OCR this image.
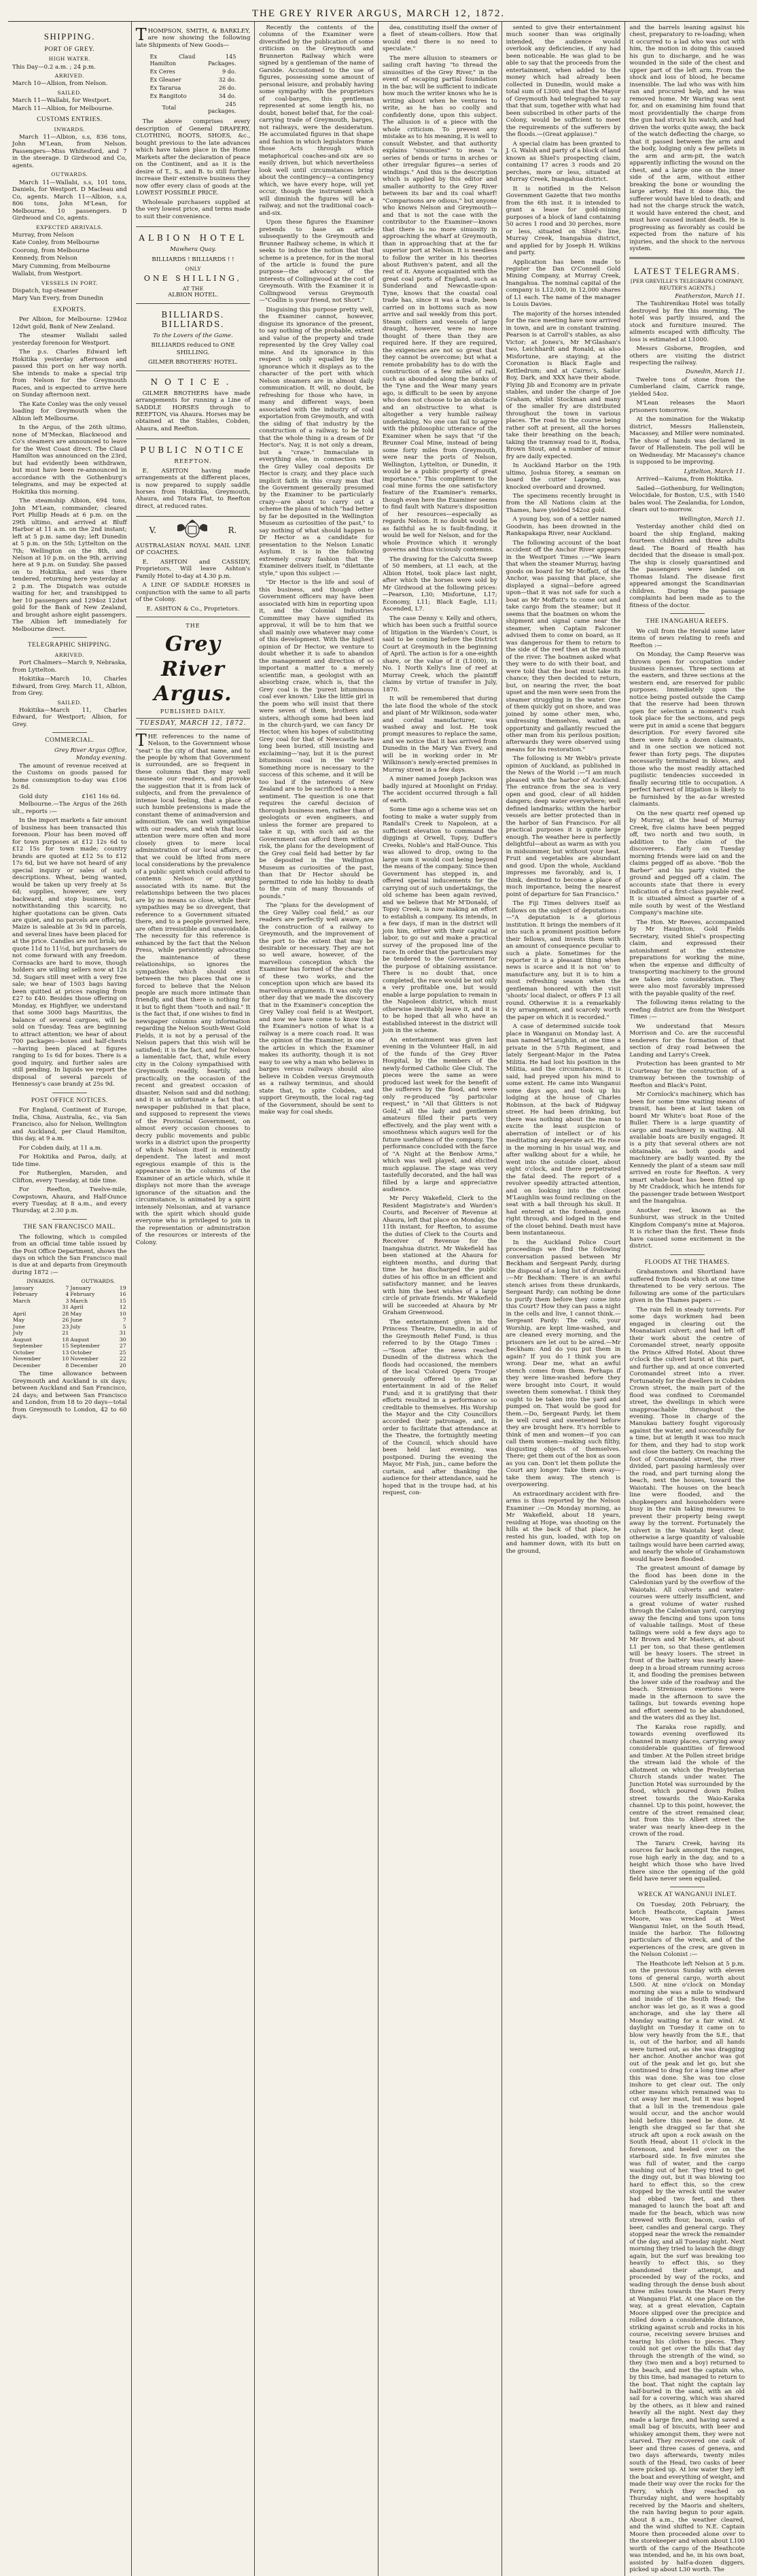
THE GREY RIVER ARGUS, MARCH 12, 1872.
SHIPPING.
PORT OF GREY.
HIGH WATER.
This Day—0.2 a.m. ; 24 p.m.
ARRIVED.
March 10—Albion, from Nelson.
SAILED.
March 11—Wallabi, for Westport.
March 11—Albion, for Melbourne.
CUSTOMS ENTRIES.
INWARDS.
March 11—Albion, s.s, 836 tons, John M'Lean, from Nelson. Passengers—Miss Whitesford, and 7 in the steerage. D Girdwood and Co, agents.
OUTWARDS.
March 11—Wallabi, s.s, 101 tons, Daniels, for Westport. D Macleau and Co, agents. March 11—Albion, s.s, 806 tons, John M'Lean, for Melbourne. 10 passengers. D Girdwood and Co, agents.
EXPECTED ARRIVALS.
Murray, from Nelson
Kate Conley, from Melbourne
Coorong, from Melbourne
Kennedy, from Nelson
Mary Cumming, from Melbourne
Wallabi, from Westport.
VESSELS IN PORT.
Dispatch, tug-steamer
Mary Van Every, from Dunedin
EXPORTS.
Per Albion, for Melbourne: 1294oz 12dwt gold, Bank of New Zealand.
The steamer Wallabi sailed yesterday forenoon for Westport.
The p.s. Charles Edward left Hokitika yesterday afternoon and passed this port on her way north. She intends to make a special trip from Nelson for the Greymouth Races, and is expected to arrive here on Sunday afternoon next.
The Kate Conley was the only vessel loading for Greymouth when the Albion left Melbourne.
In the Argus, of the 26th ultimo, none of M'Meckan, Blackwood and Co's steamers are announced to leave for the West Coast direct. The Claud Hamilton was announced on the 23rd, but had evidently been withdrawn, but must have been re-announced in accordance with the Gothenburg's telegrams, and may be expected at Hokitika this morning.
The steamship Albion, 694 tons, John M'Lean, commander, cleared Port Phillip Heads at 6 p.m. on the 29th ultimo, and arrived at Bluff Harbor at 11 a.m. on the 2nd instant; left at 5 p.m. same day; left Dunedin at 5 p.m. on the 5th; Lyttelton on the 7th; Wellington on the 8th, and Nelson at 10 p.m. on the 9th, arriving here at 9 p.m. on Sunday. She passed on to Hokitika, and was there tendered, returning here yesterday at 2 p.m. The Dispatch was outside waiting for her, and transhipped to her 10 passengers and 1294oz 12dwt gold for the Bank of New Zealand, and brought ashore eight passengers. The Albion left immediately for Melbourne direct.
TELEGRAPHIC SHIPPING.
ARRIVED.
Port Chalmers—March 9, Nebraska, from Lyttelton.
Hokitika—March 10, Charles Edward, from Grey. March 11, Albion, from Grey.
SAILED.
Hokitika—March 11, Charles Edward, for Westport; Albion, for Grey.
COMMERCIAL.
Grey River Argus Office,
Monday evening.
The amount of revenue received at the Customs on goods passed for home consumption to-day was £106 2s 8d.
Gold duty	£161 16s 6d.
Melbourne.—The Argus of the 26th ult., reports :—
In the import markets a fair amount of business has been transacted this forenoon. Flour has been moved off for town purposes at £12 12s 6d to £12 15s for town made; country brands are quoted at £12 5s to £12 17s 6d, but we have not heard of any special inquiry or sales of such descriptions. Wheat, being wanted, would be taken up very freely at 5s 6d; supplies, however, are very backward, and stop business, but, notwithstanding this scarcity, no higher quotations can be given. Oats are quiet, and no parcels are offering. Maize is saleable at 3s 9d in parcels, and several lines have been placed for at the price. Candles are not brisk; we quote 11d to 11½d, but purchasers do not come forward with any freedom. Cornsacks are hard to move, though holders are willing sellers now at 12s 3d. Sugars still meet with a very free sale; we hear of 1503 bags having been quitted at prices ranging from £27 to £40. Besides those offering on Monday, ex Highflyer, we understand that some 3000 bags Mauritius, the balance of several cargoes, will be sold on Tuesday. Teas are beginning to attract attention; we hear of about 700 packages—boxes and half-chests—having been placed at figures ranging to 1s 6d for boxes. There is a good inquiry, and further sales are still pending. In liquids we report the disposal of several parcels of Hennessy's case brandy at 25s 9d.
POST OFFICE NOTICES.
For England, Continent of Europe, India, China, Australia, &c., via San Francisco, also for Nelson, Wellington and Auckland, per Claud Hamilton, this day, at 9 a.m.
For Cobden daily, at 11 a.m.
For Hokitika and Paroa, daily, at tide time.
For Rutherglen, Marsden, and Clifton, every Tuesday, at tide time.
For Reefton, Twelve-mile, Cowpstown, Ahaura, and Half-Ounce every Tuesday, at 8 a.m., and every Thursday, at 2.30 p.m.
THE SAN FRANCISCO MAIL.
The following, which is compiled from an official time table issued by the Post Office Department, shows the days on which the San Francisco mail is due at and departs from Greymouth during 1872 :—
INWARDS.		OUTWARDS.	
January	7	January	19
February	4	February	16
March	3	March	15
	31	April	12
April	28	May	10
May	26	June	7
June	23	July	5
July	21		31
August	18	August	30
September	15	September	27
October	13	October	25
November	10	November	22
December	8	December	20
The time allowance between Greymouth and Auckland is six days; between Auckland and San Francisco, 24 days; and between San Francisco and London, from 18 to 20 days—total from Greymouth to London, 42 to 60 days.
THOMPSON, SMITH, & BARKLEY, are now showing the following late Shipments of New Goods—
Ex Claud Hamilton	145 Packages.
Ex Ceres	9 do.
Ex Gleaner	32 do.
Ex Tararua	26 do.
Ex Rangitoto	34 do.
Total	245 packages.
The above comprises every description of General DRAPERY, CLOTHING, BOOTS, SHOES, &c., bought previous to the late advances which have taken place in the Home Markets after the declaration of peace on the Continent, and as it is the desire of T., S., and B. to still further increase their extensive business they now offer every class of goods at the LOWEST POSSIBLE PRICE.
Wholesale purchasers supplied at the very lowest price, and terms made to suit their convenience.
ALBION HOTEL
Mawhera Quay.
BILLIARDS ! BILLIARDS ! !
ONLY
ONE SHILLING,
AT THE
ALBION HOTEL.
BILLIARDS. BILLIARDS.
To the Lovers of the Game.
BILLIARDS reduced to ONE SHILLING.
GILMER BROTHERS' HOTEL.
NOTICE.
GILMER BROTHERS have made arrangements for running a Line of SADDLE HORSES through to REEFTON, via Ahaura. Horses may be obtained at the Stables, Cobden, Ahaura, and Reefton.
PUBLIC NOTICE
REEFTON.
E. ASHTON having made arrangements at the different places, is now prepared to supply saddle horses from Hokitika, Greymouth, Ahaura, and Totara Flat, to Reefton direct, at reduced rates.
V.	R.
AUSTRALASIAN ROYAL MAIL LINE OF COACHES.
E. ASHTON and CASSIDY, Proprietors, Will leave Ashton's Family Hotel to-day at 4.30 p.m.
A LINE OF SADDLE HORSES in conjunction with the same to all parts of the Colony.
E. ASHTON & Co., Proprietors.
THE
Grey River Argus.
PUBLISHED DAILY.
TUESDAY, MARCH 12, 1872.
THE references to the name of Nelson, to the Government whose "seat" is the city of that name, and to the people by whom that Government is surrounded, are so frequent in these columns that they may well nauseate our readers, and provoke the suggestion that it is from lack of subjects, and from the prevalence of intense local feeling, that a place of such humble pretensions is made the constant theme of animadversion and admonition. We can well sympathise with our readers, and wish that local attention were more often and more closely given to mere local administration of our local affairs, or that we could be lifted from mere local considerations by the prevalence of a public spirit which could afford to contemn Nelson or anything associated with its name. But the relationships between the two places are by no means so close, while their sympathies may be so divergent, that reference to a Government situated there, and to a people governed here, are often irresistible and unavoidable. The necessity for this reference is enhanced by the fact that the Nelson Press, while persistently advocating the maintenance of these relationships, so ignores the sympathies which should exist between the two places that one is forced to believe that the Nelson people are much more intimate than friendly, and that there is nothing for it but to fight them "tooth and nail." It is the fact that, if one wishes to find in newspaper columns any information regarding the Nelson South-West Gold Fields, it is not by a perusal of the Nelson papers that this wish will be satisfied; it is the fact, and for Nelson a lamentable fact, that, while every city in the Colony sympathised with Greymouth readily, heartily, and practically, on the occasion of the recent and greatest occasion of disaster, Nelson said and did nothing; and it is as unfortunate a fact that a newspaper published in that place, and supposed to represent the views of the Provincial Government, on almost every occasion chooses to decry public movements and public works in a district upon the prosperity of which Nelson itself is eminently dependent. The latest and most egregious example of this is the appearance in the columns of the Examiner of an article which, while it displays not more than the average ignorance of the situation and the circumstance, is animated by a spirit intensely Nelsonian, and at variance with the spirit which should guide everyone who is privileged to join in the representation or administration of the resources or interests of the Colony.
Recently the contents of the columns of the Examiner were diversified by the publication of some criticism on the Greymouth and Brunnerton Railway which were signed by a gentleman of the name of Garside. Accustomed to the use of figures, possessing some amount of personal leisure, and probably having some sympathy with the proprietors of coal-barges, this gentleman represented at some length his, no doubt, honest belief that, for the coal-carrying trade of Greymouth, barges, not railways, were the desideratum. He accumulated figures in that shape and fashion in which legislators frame those Acts through which metaphorical coaches-and-six are so easily driven, but which nevertheless look well until circumstances bring about the contingency—a contingency which, we have every hope, will yet occur, though the instrument which will diminish the figures will be a railway, and not the traditional coach-and-six.
Upon these figures the Examiner pretends to base an article subsequently to the Greymouth and Brunner Railway scheme, in which it seeks to induce the notion that that scheme is a pretence, for in the moral of the article is found the pure purpose—the advocacy of the interests of Collingwood at the cost of Greymouth. With the Examiner it is Collingwood versus Greymouth—"Codlin is your friend, not Short."
Disguising this purpose pretty well, the Examiner cannot, however, disguise its ignorance of the present, to say nothing of the probable, extent and value of the property and trade represented by the Grey Valley coal mine. And its ignorance in this respect is only equalled by the ignorance which it displays as to the character of the port with which Nelson steamers are in almost daily communication. It will, no doubt, be refreshing for those who have, in many and different ways, been associated with the industry of coal exportation from Greymouth, and with the siding of that industry by the construction of a railway, to be told that the whole thing is a dream of Dr Hector's. Nay, it is not only a dream, but a "craze." Immaculate in everything else, in connection with the Grey Valley coal deposits Dr Hector is crazy, and they place such implicit faith in this crazy man that the Government generally presumed by the Examiner to be particularly crazy—are about to carry out a scheme the plans of which "had better by far be deposited in the Wellington Museum as curiosities of the past," to say nothing of what should happen to Dr Hector as a candidate for presentation to the Nelson Lunatic Asylum. It is in the following extremely crazy fashion that the Examiner delivers itself, in "dilettante style," upon this subject :—
"Dr Hector is the life and soul of this business, and though other Government officers may have been associated with him in reporting upon it, and the Colonial Industries Committee may have signified its approval, it will be to him that we shall mainly owe whatever may come of this development. With the highest opinion of Dr Hector, we venture to doubt whether it is safe to abandon the management and direction of so important a matter to a merely scientific man, a geologist with an absorbing craze, which is, that the Grey coal is the 'purest bituminous coal ever known.' Like the little girl in the poem who will insist that there were seven of them, brothers and sisters, although some had been laid in the church-yard, we can fancy Dr Hector, when his hopes of substituting Grey coal for that of Newcastle have long been buried, still insisting and exclaiming—'nay, but it is the purest bituminous coal in the world'? Something more is necessary to the success of this scheme, and it will be too bad if the interests of New Zealand are to be sacrificed to a mere sentiment. The question is one that requires the careful decision of thorough business men, rather than of geologists or even engineers, and unless the former are prepared to take it up, with such aid as the Government can afford them without risk, the plans for the development of the Grey coal field had better by far be deposited in the Wellington Museum as curiosities of the past, than that Dr Hector should be permitted to ride his hobby to death to the ruin of many thousands of pounds."
The "plans for the development of the Grey Valley coal field," as our readers are perfectly well aware, are the construction of a railway to Greymouth, and the improvement of the port to the extent that may be desirable or necessary. They are not so well aware, however, of the marvellous conception which the Examiner has formed of the character of these two works, and the conception upon which are based its marvellous arguments. It was only the other day that we made the discovery that in the Examiner's conception the Grey Valley coal field is at Westport, and now we have come to know that the Examiner's notion of what is a railway is a mere coach road. It was the opinion of the Examiner, in one of the articles in which the Examiner makes its authority, though it is not easy to see why a man who believes in barges versus railways should also believe in Cobden versus Greymouth as a railway terminus, and should state that, to spite Cobden, and support Greymouth, the local rag-tag of the Government, should be sent to make way for coal sheds.
dea, constituting itself the owner of a fleet of steam-colliers. How that would end there is no need to speculate."
The mere allusion to steamers or sailing craft having "to thread the sinuosities of the Grey River," in the event of escaping partial foundation in the bar, will be sufficient to indicate how much the writer knows who he is writing about when he ventures to write, as he has so coolly and confidently done, upon this subject. The allusion is of a piece with the whole criticism. To prevent any mistake as to his meaning, it is well to consult Webster, and that authority explains "sinuosities" to mean "a series of bends or turns in arches or other irregular figures—a series of windings." And this is the description which is applied by this editor and smaller authority to the Grey River between its bar and its coal wharf! "Comparisons are odious," but anyone who knows Nelson and Greymouth—and that is not the case with the contributor to the Examiner—knows that there is no more sinuosity in approaching the wharf at Greymouth, than in approaching that at the far superior port at Nelson. It is needless to follow the writer in his theories about Ruthven's patent, and all the rest of it. Anyone acquainted with the great coal ports of England, such as Sunderland and Newcastle-upon-Tyne, knows that the coastal coal trade has, since it was a trade, been carried on in bottoms such as now arrive and sail weekly from this port. Steam colliers and vessels of large draught, however, were no more thought of there than they are required here. If they are required, the exigencies are not so great that they cannot be overcome; but what a remote probability has to do with the construction of a few miles of rail, such as abounded along the banks of the Tyne and the Wear many years ago, is difficult to be seen by anyone who does not choose to be an obstacle and an obstructive to what is altogether a very humble railway undertaking. No one can fail to agree with the philosophic utterance of the Examiner when he says that "if the Brunner Coal Mine, instead of being some forty miles from Greymouth, were near the ports of Nelson, Wellington, Lyttelton, or Dunedin, it would be a public property of great importance." This compliment to the coal mine forms the one satisfactory feature of the Examiner's remarks, though even here the Examiner seems to find fault with Nature's disposition of her resources—especially as regards Nelson. It no doubt would be as faithful as he is fault-finding, it would be well for Nelson, and for the whole Province which it wrongly governs and thus viciously contemns.
The drawing for the Calcutta Sweep of 50 members, at L1 each, at the Albion Hotel, took place last night, after which the horses were sold by Mr Girdwood at the following prices:—Pearson, L30; Misfortune, L17; Economy, L11; Black Eagle, L11; Ascended, L7.
The case Denny v. Kelly and others, which has been such a fruitful source of litigation in the Warden's Court, is said to be coming before the District Court at Greymouth in the beginning of April. The action is for a one-eighth share, or the value of it (L1000), in No. 1 North Kelly's line of reef at Murray Creek, which the plaintiff claims by virtue of transfer in July, 1870.
It will be remembered that during the late flood the whole of the stock and plant of Mr Wilkinson, soda-water and cordial manufacturer, was washed away and lost. He took prompt measures to replace the same, and we notice that it has arrived from Dunedin in the Mary Van Every, and will be in working order in Mr Wilkinson's newly-erected premises in Murray street in a few days.
A miner named Joseph Jackson was badly injured at Moonlight on Friday. The accident occurred through a fall of earth.
Some time ago a scheme was set on footing to make a water supply from Randall's Creek to Napoleon, at a sufficient elevation to command the diggings at Orwell, Topsy, Duffer's Creeks, Noble's and Half-Ounce. This was allowed to drop, owing to the large sum it would cost being beyond the means of the company. Since then Government has stepped in, and offered special inducements for the carrying out of such undertakings, the old scheme has been again revived, and we believe that Mr M'Donald, of Topsy Creek, is now making an effort to establish a company. Its intends, in a few days, if man in the district will join him, either with their capital or labor, to go out and make a practical survey of the proposed line of the race. In order that the particulars may be tendered to the Government for the purpose of obtaining assistance. There is no doubt that, once completed, the race would be not only a very profitable one, but would enable a large population to remain in the Napoleon district, which must otherwise inevitably leave it, and it is to be hoped that all who have an established interest in the district will join in the scheme.
An entertainment was given last evening in the Volunteer Hall, in aid of the funds of the Grey River Hospital, by the members of the newly-formed Catholic Glee Club. The pieces were the same as were produced last week for the benefit of the sufferers by the flood, and were only re-produced "by particular request," in "All that Glitters is not Gold," all the lady and gentlemen amateurs filled their parts very effectively, and the play went with a smoothness which augurs well for the future usefulness of the company. The performance concluded with the farce of "A Night at the Benbow Arms," which was well played, and elicited much applause. The stage was very tastefully decorated, and the hall was filled by a large and appreciative audience.
Mr Percy Wakefield, Clerk to the Resident Magistrate's and Warden's Courts, and Receiver of Revenue at Ahaura, left that place on Monday, the 11th instant, for Reefton, to assume the duties of Clerk to the Courts and Receiver of Revenue for the Inangahua district. Mr Wakefield has been stationed at the Ahaura for eighteen months, and during that time he has discharged the public duties of his office in an efficient and satisfactory manner, and he leaves with him the best wishes of a large circle of private friends. Mr Wakefield will be succeeded at Ahaura by Mr Graham Greenwood.
The entertainment given in the Princess Theatre, Dunedin, in aid of the Greymouth Relief Fund, is thus referred to by the Otago Times :—"Soon after the news reached Dunedin of the distress which the floods had occasioned, the members of the local 'Colored Opera Troupe' generously offered to give an entertainment in aid of the Relief Fund; and it is gratifying that their efforts resulted in a performance so creditable to themselves. His Worship the Mayor and the City Councillors accorded their patronage, and, in order to facilitate that attendance at the Theatre, the fortnightly meeting of the Council, which should have been held last evening, was postponed. During the evening the Mayor, Mr Fish, jun., came before the curtain, and after thanking the audience for their attendance, said he hoped that in the troupe had, at his request, con-
sented to give their entertainment much sooner than was originally intended, the audience would overlook any deficiencies, if any had been noticeable. He was glad to be able to say that the proceeds from the entertainment, when added to the money which had already been collected in Dunedin, would make a total sum of L300; and that the Mayor of Greymouth had telegraphed to say that that sum, together with what had been subscribed in other parts of the Colony, would be sufficient to meet the requirements of the sufferers by the floods.—(Great applause)."
A special claim has been granted to J. G. Walsh and party of a block of land known as Shiel's prospecting claim, containing 17 acres 3 roods and 20 perches, more or less, situated at Murray Creek, Inangahua district.
It is notified in the Nelson Government Gazette that two months from the 6th inst. it is intended to grant a lease for gold-mining purposes of a block of land containing 50 acres 1 rood and 30 perches, more or less, situated on Shiel's line, Murray Creek, Inangahua district, and applied for by Joseph H. Wilkins and party.
Application has been made to register the Dan O'Connell Gold Mining Company, at Murray Creek, Inangahua. The nominal capital of the company is L12,000, in 12,000 shares of L1 each. The name of the manager is Louis Davies.
The majority of the horses intended for the race meeting have now arrived in town, and are in constant training. Pearson is at Carroll's stables, as also Victor; at Jones's, Mr M'Glashan's two, Leichhardt and Ronald, as also Misfortune, are staying; at the Coronation is Black Eagle and Kettledrum; and at Cairns's, Sailor Boy, Dark, and XXX have their abode. Flying Jib and Economy are in private stables, and under the charge of Joe Graham, whilst Stockman and many of the smaller fry are distributed throughout the town in various places. The road to the course being rather soft at present, all the horses take their breathing on the beach; taking the tramway road to it, Rodsa, Brown Stout, and a number of minor fry are daily expected.
In Auckland Harbor on the 19th ultimo, Joshua Storey, a seaman on board the cutter Lapwing, was knocked overboard and drowned.
The specimens recently brought in from the All Nations claim at the Thames, have yielded 542oz gold.
A young boy, son of a settler named Goodwin, has been drowned in the Rankapakapa River, near Auckland.
The following account of the boat accident off the Anchor River appears in the Westport Times :—"We learn that when the steamer Murray, having goods on board for Mr Moffatt, of the Anchor, was passing that place, she displayed a signal—before agreed upon—that it was not safe for such a boat as Mr Moffatt's to come out and take cargo from the steamer; but it seems that the boatmen on whom the shipment and signal came near the steamer, when Captain Falconer advised them to come on board, as it was dangerous for them to return to the side of the reef then at the mouth of the river. The boatmen asked what they were to do with their boat, and were told that the boat must take its chance; they then decided to return, but, on nearing the river, the boat upset and the men were seen from the steamer struggling in the water. One of them quickly got on shore, and was joined by some other men, who, undressing themselves, waited an opportunity and gallantly rescued the other man from his perilous position; afterwards they were observed using means for his restoration."
The following is Mr Webb's private opinion of Auckland, as published in the News of the World :—"I am much pleased with the harbor of Auckland. The entrance from the sea is very open and good, clear of all hidden dangers; deep water everywhere; well defined landmarks; within the harbor vessels are better protected than in the harbor of San Francisco. For all practical purposes it is quite large enough. The weather here is perfectly delightful—about as warm as with you in midsummer, but without your heat. Fruit and vegetables are abundant and good. Upon the whole, Auckland impresses me favorably, and is, I think, destined to become a place of much importance, being the nearest point of departure for San Francisco."
The Fiji Times delivers itself as follows on the subject of deputations :—"A deputation is a glorious institution. It brings the members of it into such a prominent position before their fellows, and invests them with an amount of consequence peculiar to such a plate. Sometimes for the reporter it is a pleasant thing when news is scarce and it is not 'on' to manufacture any, but it is to him a most refreshing season when the gentleman honored with the visit 'shoots' local dialect, or offers P 13 all round. Otherwise it is a remarkably dry arrangement, and scarcely worth the paper on which it is recorded."
A case of determined suicide took place in Wanganui on Monday last. A man named M'Laughlin, at one time a private in the 57th Regiment, and lately Sergeant-Major in the Patea Militia. He had lost his position in the Militia, and the circumstances, it is said, had preyed upon his mind to some extent. He came into Wanganui some days ago, and took up his lodging at the house of Charles Robinson, at the back of Ridgway street. He had been drinking, but there was nothing about the man to excite the least suspicion of aberration of intellect or of his meditating any desperate act. He rose in the morning in his usual way, and after walking about for a while, he went into the outside closet, about eight o'clock, and there perpetrated the fatal deed. The report of a revolver speedily attracted attention, and on looking into the closet M'Laughlin was found reclining on the seat with a ball through his skull. It had entered at the forehead, gone right through, and lodged in the end of the closet behind. Death must have been instantaneous.
In the Auckland Police Court proceedings we find the following conversation passed between Mr Beckham and Sergeant Pardy, during the disposal of a long list of drunkards :—Mr Beckham: There is an awful stench arises from these drunkards, Sergeant Pardy; can nothing be done to purify them before they come into this Court? How they can pass a night in the cells and live, I cannot think.—Sergeant Pardy: The cells, your Worship, are kept lime-washed, and are cleaned every morning, and the prisoners are let out to be aired.—Mr Beckham: And do you put them in again? If you do I think you are wrong. Dear me, what an awful stench comes from them. Perhaps if they were lime-washed before they were brought into Court, it would sweeten them somewhat. I think they ought to be taken into the yard and pumped on. That would be good for them.—Do, Sergeant Pardy, let them be well cured and sweetened before they are brought here. It's horrible to think of men and women—if you can call them women—making such filthy, disgusting objects of themselves. There; get them out of the box as soon as you can. Don't let them pollute the Court any longer. Take them away—take them away. The stench is overpowering.
An extraordinary accident with fire-arms is thus reported by the Nelson Examiner :—On Monday morning, as Mr Wakefield, about 18 years, residing at Hope, was shooting on the hills at the back of that place, he rested his gun, loaded, with top on and hammer down, with its butt on the ground,
and the barrels leaning against his chest, preparatory to re-loading; when it occurred to a lad who was out with him, the motion in doing this caused his gun to discharge, and he was wounded in the side of the chest and upper part of the left arm. From the shock and loss of blood, he became insensible. The lad who was with him ran and procured help, and he was removed home. Mr Waring was sent for, and on examining him found that most providentially the charge from the gun had struck his watch, and had driven the works quite away, the back of the watch deflecting the charge, so that it passed between the arm and the body, lodging only a few pellets in the arm and arm-pit, the watch apparently inflicting the wound on the chest, and a large one on the inner side of the arm, without either breaking the bone or wounding the large artery. Had it done this, the sufferer would have bled to death; and had not the charge struck the watch, it would have entered the chest, and must have caused instant death. He is progressing as favorably as could be expected from the nature of his injuries, and the shock to the nervous system.
LATEST TELEGRAMS.
[PER GREVILLE'S TELEGRAPH COMPANY, REUTER'S AGENTS.]
Featherston, March 11.
The Tauhirenikau Hotel was totally destroyed by fire this morning. The hotel was partly insured, and the stock and furniture insured. The ailments escaped with difficulty. The loss is estimated at L1000.
Messrs Gisborne, Brogden, and others are visiting the district respecting the railway.
Dunedin, March 11.
Twelve tons of stone from the Cumberland claim, Carrick range, yielded 54oz.
M'Lean releases the Maori prisoners tomorrow.
At the nomination for the Wakatip district, Messrs Hallenstein, Macassey, and Miller were nominated. The show of hands was declared in favor of Hallenstein. The poll will be on Wednesday. Mr Macassey's chance is supposed to be improving.
Lyttelton, March 11.
Arrived—Kaiuma, from Hokitika.
Sailed—Gothenburg, for Wellington; Velocidale, for Boston, U.S., with 1540 bales wool. The Zealandia, for London, clears out to-morrow.
Wellington, March 11.
Yesterday another child died on board the ship England, making fourteen children and three adults dead. The Board of Health has decided that the disease is small-pox. The ship is closely quarantined and the passengers were landed on Thomas Island. The disease first appeared amongst the Scandinavian children. During the passage complaints had been made as to the fitness of the doctor.
THE INANGAHUA REEFS.
We cull from the Herald some later items of news relating to reefs and Reefton :—
On Monday, the Camp Reserve was thrown open for occupation under business licenses. Three sections at the eastern, and three sections at the western end, are reserved for public purposes. Immediately upon the notice being posted outside the Camp that the reserve had been thrown open for selection a moment's rush took place for the sections, and pegs were put in amid a scene that beggars description. For every favored site there were fully a dozen claimants, and in one section we noticed not fewer than forty pegs. The disputes necessarily terminated in blows, and those who the most readily attached pugilistic tendencies succeeded in finally securing title to occupation. A perfect harvest of litigation is likely to be furnished by the as-far wrested claimants.
On the new quartz reef opened up by Murray, at the head of Murray Creek, five claims have been pegged off, two north and two south, in addition to the claim of the discoverers. Early on Tuesday morning friends were laid on and the claims pegged off as above. "Bob the Barber" and his party visited the ground and pegged off a claim. The accounts state that there is every indication of a first-class payable reef. It is situated almost a quarter of a mile south by west of the Westland Company's machine site.
The Hon. Mr Reeves, accompanied by Mr Haughton, Gold Fields Secretary, visited Shiel's prospecting claim, and expressed their astonishment at the extensive preparations for working the mine, when the expense and difficulty of transporting machinery to the ground are taken into consideration. They were also most favorably impressed with the payable quality of the reef.
The following items relating to the reefing district are from the Westport Times :—
We understand that Messrs Morrison and Co. are the successful tenderers for the formation of that section of dray road between the Landing and Larry's Creek.
Protection has been granted to Mr Courtenay for the construction of a tramway between the township of Reefton and Black's Point.
Mr Cornlock's machinery, which has been for some time waiting means of transit, has been at last taken on board Mr White's boat Rose of the Buller. There is a large quantity of cargo and machinery in waiting. All available boats are busily engaged. It is a pity that several others are not obtainable, as both goods and machinery are badly wanted. By the Kennedy the plant of a steam saw mill arrived en route for Reefton. A very smart whale-boat has been fitted up by Mr Craddock, which he intends for the passenger trade between Westport and the Inangahua.
Another reef, known as the Sunburst, was struck in the United Kingdom Company's mine at Majoroa. It is richer than the first. These finds have caused some excitement in the district.
FLOODS AT THE THAMES.
Grahamstown and Shortland have suffered from floods which at one time threatened to be very serious. The following are some of the particulars given in the Thames papers :—
The rain fell in steady torrents. For some days workmen had been engaged in clearing out the Moanataiari culvert; and had left off their work about the centre of Coromandel street, nearly opposite the Prince Alfred Hotel. About three o'clock the culvert burst at this part, and further up, and at once converted Coromandel street into a river. Fortunately for the dwellers in Cobden Crown street, the main part of the flood was confined to Coromandel street, the dwellings in which were unapproachable throughout the evening. Those in charge of the Manukau battery fought vigorously against the water, and successfully for a time, but at length it was too much for them, and they had to stop work and close the battery. On reaching the foot of Coromandel street, the river divided, part passing harmlessly over the road, and part turning along the beach, next the houses, toward the Waiotahi. The houses on the beach line were flooded, and the shopkeepers and householders were busy in the rain taking measures to prevent their property being swept away by the torrent. Fortunately the culvert in the Waiotahi kept clear, otherwise a large quantity of valuable tailings would have been carried away, and nearly the whole of Grahamstown would have been flooded.
The greatest amount of damage by the flood has been done in the Caledonian yard by the overflow of the Waiotahi. All culverts and water-courses were utterly insufficient, and a great volume of water rushed through the Caledonian yard, carrying away the fencing and tons upon tons of valuable tailings. Most of these tailings were sold a few days ago to Mr Brown and Mr Masters, at about L1 per ton, so that these gentlemen will be heavy losers. The street in front of the battery was nearly knee-deep in a broad stream running across it, and flooding the premises between the lower side of the roadway and the beach. Strenuous exertions were made in the afternoon to save the tailings, but towards evening hope and effort seemed to be abandoned, and the waters did as they list.
The Karaka rose rapidly, and towards evening overflowed its channel in many places, carrying away considerable quantities of firewood and timber. At the Pollen street bridge the stream laid the whole of the allotment on which the Presbyterian Church stands under water. The Junction Hotel was surrounded by the flood, which poured down Pollen street towards the Waio-Karaka channel. Up to this point, however, the centre of the street remained clear, but from this to Albert street the water was nearly knee-deep in the crown of the road.
The Tararu Creek, having its sources far back amongst the ranges, rose high early in the day, and to a height which those who have lived there since the opening of the gold field have never seen equalled.
WRECK AT WANGANUI INLET.
On Tuesday, 20th February, the ketch Heathcote, Captain James Moore, was wrecked at West Wanganui Inlet, on the South Head, inside the harbor. The following particulars of the wreck, and of the experiences of the crew, are given in the Nelson Colonist :—
The Heathcote left Nelson at 5 p.m. on the previous Sunday with eleven tons of general cargo, worth about L500. At nine o'clock on Monday morning she was a mile to windward and inside of the South Head; the anchor was let go, as it was a good anchorage, and she lay there all Monday waiting for a fair wind. At daylight on Tuesday it came on to blow very heavily from the S.E., that is, out of the harbor, and all hands were turned out, as she was dragging her anchor. Another anchor was got out of the peak and let go, but she continued to drag for a long time after this was done. She was too close inshore to get clear out. The only other means which remained was to cut away her mast, but it was hoped that a lull in the tremendous gale would occur, and the anchor would hold before this need be done. At length she dragged so far that she struck aft upon a rock awash on the South Head, about 11 o'clock in the forenoon, and heeled over on the starboard side. In five minutes she was full of water, and the cargo washing out of her. They tried to get the dingy out, but it was blowing too hard to effect this, so the crew stopped by the wreck until the water had ebbed two feet, and then managed to launch the boat aft and made for the beach, which was now strewed with flour, bacon, casks of beer, candles and general cargo. They stopped near the wreck the remainder of the day, and all Tuesday night. Next morning they tried to launch the dingy again, but the surf was breaking too heavily to effect this, so they abandoned their attempt, and proceeded by way of the rocks, and wading through the dense bush about three miles towards the Maori Ferry at Wanganui Flat. At one place on the way, at a great elevation, Captain Moore slipped over the precipice and rolled down a considerable distance, striking against scrub and rocks in his course, receiving severe bruises and tearing his clothes to pieces. They could not get over the hills that day through the strength of the wind, so they (two men and a boy) returned to the beach, and met the captain who, by this time, had managed to return to the boat. That night the captain lay half-buried in the sand, with an old sail for a covering, which was shared by the others, as it blew and rained heavily all the night. Next day they made a large fire, and having saved a small bag of biscuits, with beer and whiskey amongst them, they were not starved. They recovered one cask of beer and three cases of geneva, and two days afterwards, twenty miles south of the Head, two casks of beer were picked up. At low water they left the boat and everything of weight, and made their way over the rocks for the Ferry, which they reached on Thursday night, and were hospitably received by the Maoris and shelters, the rain having begun to pour again. About 8 a.m., the weather cleared, and the wind shifted to N.E. Captain Moore then proceeded alone over to the storekeeper and whom about L100 worth of the cargo of the Heathcote was intended, and he, in his own boat, assisted by half-a-dozen diggers, picked up about L30 worth. The
